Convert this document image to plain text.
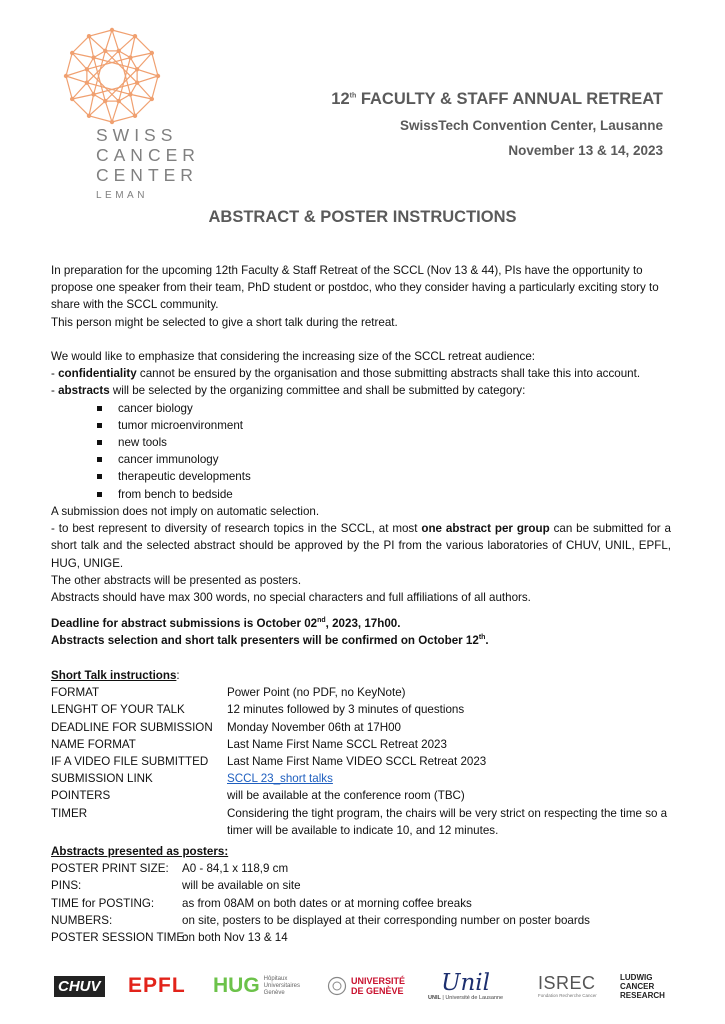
SWISS
CANCER
CENTER
LEMAN
12th FACULTY & STAFF ANNUAL RETREAT
SwissTech Convention Center, Lausanne
November 13 & 14, 2023
ABSTRACT & POSTER INSTRUCTIONS

In preparation for the upcoming 12th Faculty & Staff Retreat of the SCCL (Nov 13 & 44), PIs have the opportunity to propose one speaker from their team, PhD student or postdoc, who they consider having a particularly exciting story to share with the SCCL community.

This person might be selected to give a short talk during the retreat.

We would like to emphasize that considering the increasing size of the SCCL retreat audience:

- confidentiality cannot be ensured by the organisation and those submitting abstracts shall take this into account.

- abstracts will be selected by the organizing committee and shall be submitted by category:

cancer biology
tumor microenvironment
new tools
cancer immunology
therapeutic developments
from bench to bedside

A submission does not imply on automatic selection.

- to best represent to diversity of research topics in the SCCL, at most one abstract per group can be submitted for a short talk and the selected abstract should be approved by the PI from the various laboratories of CHUV, UNIL, EPFL, HUG, UNIGE.

The other abstracts will be presented as posters.

Abstracts should have max 300 words, no special characters and full affiliations of all authors.

Deadline for abstract submissions is October 02nd, 2023, 17h00.

Abstracts selection and short talk presenters will be confirmed on October 12th.

Short Talk instructions:

FORMAT	Power Point (no PDF, no KeyNote)
LENGHT OF YOUR TALK	12 minutes followed by 3 minutes of questions
DEADLINE FOR SUBMISSION Monday November 06th at 17H00
NAME FORMAT	Last Name First Name SCCL Retreat 2023
IF A VIDEO FILE SUBMITTED Last Name First Name VIDEO SCCL Retreat 2023
SUBMISSION LINK	SCCL 23_short talks
POINTERS	will be available at the conference room (TBC)
TIMER	Considering the tight program, the chairs will be very strict on respecting the time so a timer will be available to indicate 10, and 12 minutes.

Abstracts presented as posters:

POSTER PRINT SIZE: A0 - 84,1 x 118,9 cm
PINS:	will be available on site
TIME for POSTING: as from 08AM on both dates or at morning coffee breaks
NUMBERS:	on site, posters to be displayed at their corresponding number on poster boards
POSTER SESSION TIME:
on both Nov 13 & 14
CHUV EPFL HUG Hôpitaux
Universitaires
Genève
UNIVERSITÉ
DE GENÈVE Unil
UNIL | Université de Lausanne
ISREC
Fondation Recherche Cancer
LUDWIG
CANCER
RESEARCH
